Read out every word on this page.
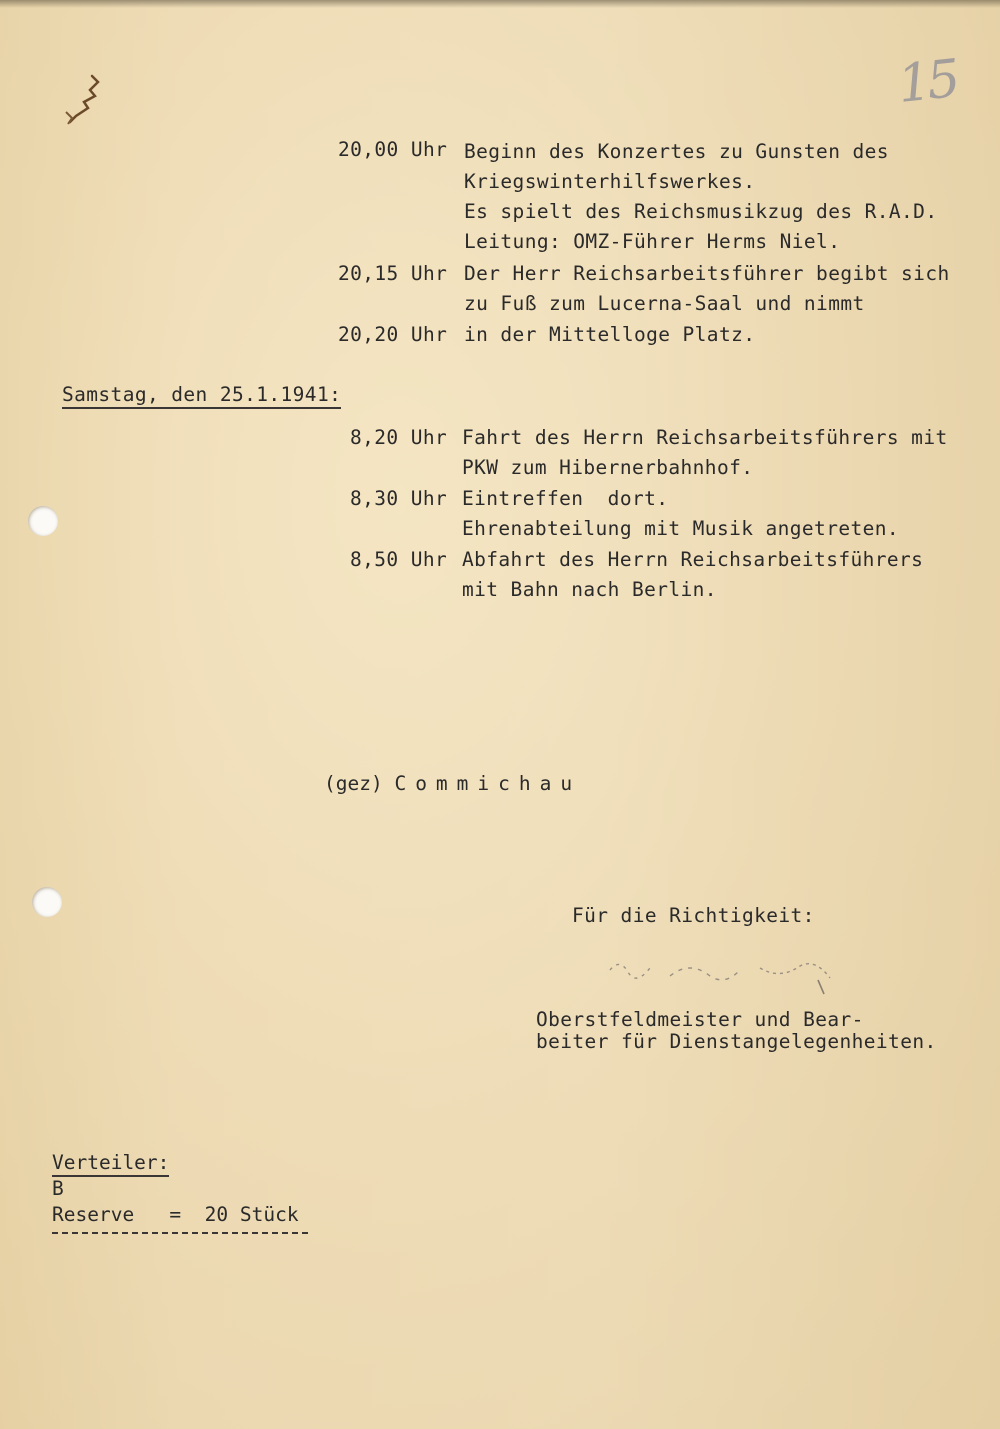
15
20,00 Uhr Beginn des Konzertes zu Gunsten des
Kriegswinterhilfswerkes.
Es spielt des Reichsmusikzug des R.A.D.
Leitung: OMZ-Führer Herms Niel.
20,15 Uhr Der Herr Reichsarbeitsführer begibt sich
zu Fuß zum Lucerna-Saal und nimmt
20,20 Uhr in der Mittelloge Platz.
Samstag, den 25.1.1941:
8,20 Uhr Fahrt des Herrn Reichsarbeitsführers mit
PKW zum Hibernerbahnhof.
8,30 Uhr Eintreffen  dort.
Ehrenabteilung mit Musik angetreten.
8,50 Uhr Abfahrt des Herrn Reichsarbeitsführers
mit Bahn nach Berlin.
(gez) Commichau
Für die Richtigkeit:
Oberstfeldmeister und Bear-
beiter für Dienstangelegenheiten.
Verteiler:
B
Reserve = 20 Stück
